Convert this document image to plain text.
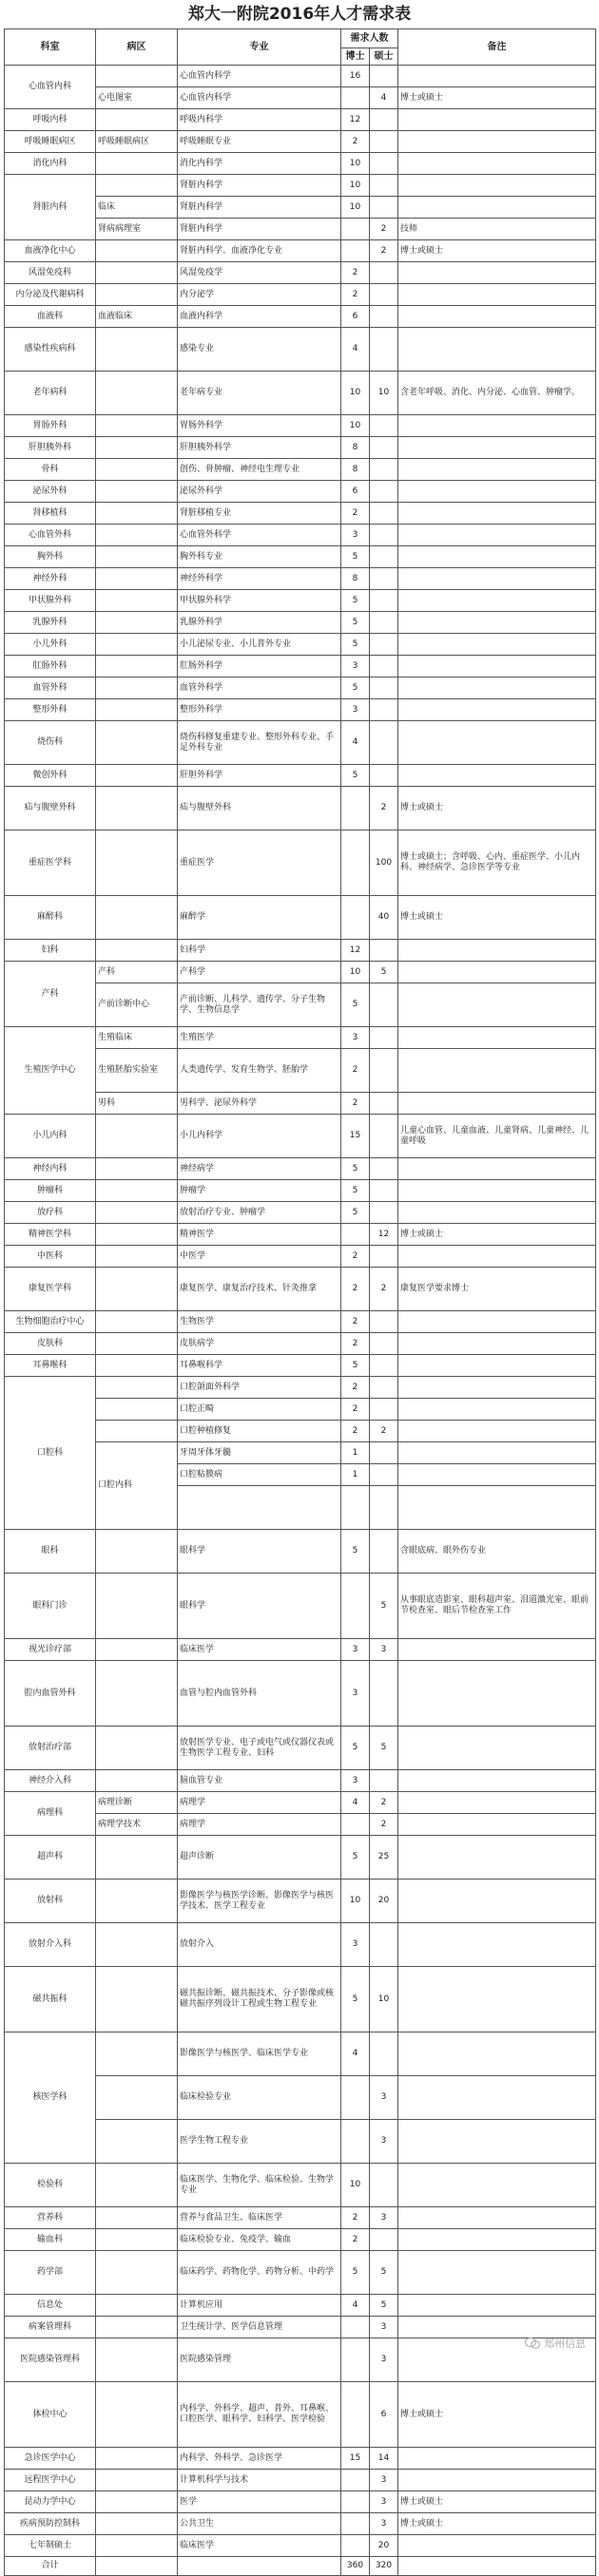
郑大一附院2016年人才需求表
科室	病区	专业	需求人数		备注
			博士	硕士	
心血管内科		心血管内科学	16		
	心电图室	心血管内科学		4	博士或硕士
呼吸内科		呼吸内科学	12		
呼吸睡眠病区	呼吸睡眠病区	呼吸睡眠专业	2		
消化内科		消化内科学	10		
肾脏内科		肾脏内科学	10		
	临床	肾脏内科学	10		
	肾病病理室	肾脏内科学		2	技师
血液净化中心		肾脏内科学、血液净化专业		2	博士或硕士
风湿免疫科		风湿免疫学	2		
内分泌及代谢病科		内分泌学	2		
血液科	血液临床	血液内科学	6		
感染性疾病科		感染专业	4		
老年病科		老年病专业	10	10	含老年呼吸、消化、内分泌、心血管、肿瘤学。
胃肠外科		胃肠外科学	10		
肝胆胰外科		肝胆胰外科学	8		
骨科		创伤、骨肿瘤、神经电生理专业	8		
泌尿外科		泌尿外科学	6		
肾移植科		肾脏移植专业	2		
心血管外科		心血管外科学	3		
胸外科		胸外科专业	5		
神经外科		神经外科学	8		
甲状腺外科		甲状腺外科学	5		
乳腺外科		乳腺外科学	5		
小儿外科		小儿泌尿专业、小儿普外专业	5		
肛肠外科		肛肠外科学	3		
血管外科		血管外科学	5		
整形外科		整形外科学	3		
烧伤科		烧伤科修复重建专业、整形外科专业、手足外科专业	4		
微创外科		肝胆外科学	5		
疝与腹壁外科		疝与腹壁外科		2	博士或硕士
重症医学科		重症医学		100	博士或硕士；含呼吸、心内、重症医学、小儿内科、神经病学、急诊医学等专业
麻醉科		麻醉学		40	博士或硕士
妇科		妇科学	12		
产科	产科	产科学	10	5	
	产前诊断中心	产前诊断、儿科学、遗传学、分子生物学、生物信息学	5		
生殖医学中心	生殖临床	生殖医学	3		
	生殖胚胎实验室	人类遗传学、发育生物学、胚胎学	2		
	男科	男科学、泌尿外科学	2		
小儿内科		小儿内科学	15		儿童心血管、儿童血液、儿童肾病、儿童神经、儿童呼吸
神经内科		神经病学	5		
肿瘤科		肿瘤学	5		
放疗科		放射治疗专业、肿瘤学	5		
精神医学科		精神医学		12	博士或硕士
中医科		中医学	2		
康复医学科		康复医学、康复治疗技术、针灸推拿	2	2	康复医学要求博士
生物细胞治疗中心		生物医学	2		
皮肤科		皮肤病学	2		
耳鼻喉科		耳鼻喉科学	5		
口腔科		口腔颌面外科学	2		
		口腔正畸	2		
		口腔种植修复	2	2	
	口腔内科	牙周牙体牙髓	1		
		口腔粘膜病	1		

眼科		眼科学	5		含眼底病、眼外伤专业
眼科门诊		眼科学		5	从事眼底造影室、眼科超声室、泪道激光室、眼前节检查室、眼后节检查室工作
视光诊疗部		临床医学	3	3	
腔内血管外科		血管与腔内血管外科	3		
放射治疗部		放射医学专业、电子或电气或仪器仪表或生物医学工程专业、妇科	5	5	
神经介入科		脑血管专业	3		
病理科	病理诊断	病理学	4	2	
	病理学技术	病理学		2	
超声科		超声诊断	5	25	
放射科		影像医学与核医学诊断、影像医学与核医学技术、医学工程专业	10	20	
放射介入科		放射介入	3		
磁共振科		磁共振诊断、磁共振技术、分子影像或核磁共振序列设计工程或生物工程专业	5	10	
核医学科		影像医学与核医学、临床医学专业	4		
		临床检验专业		3	
		医学生物工程专业		3	
检验科		临床医学、生物化学、临床检验、生物学专业	10		
营养科		营养与食品卫生、临床医学	2	3	
输血科		临床检验专业、免疫学、输血	2		
药学部		临床药学、药物化学、药物分析、中药学	5	5	
信息处		计算机应用	4	5	
病案管理科		卫生统计学、医学信息管理		3	
医院感染管理科		医院感染管理		3	
体检中心		内科学、外科学、超声、普外、耳鼻喉、口腔医学、眼科学、妇科学、医学检验		6	博士或硕士
急诊医学中心		内科学、外科学、急诊医学	15	14	
远程医学中心		计算机科学与技术		3	
昆动力学中心		医学		3	博士或硕士
疾病预防控制科		公共卫生		3	博士或硕士
七年制硕士		临床医学		20	
合计			360	320	
郑州信息
